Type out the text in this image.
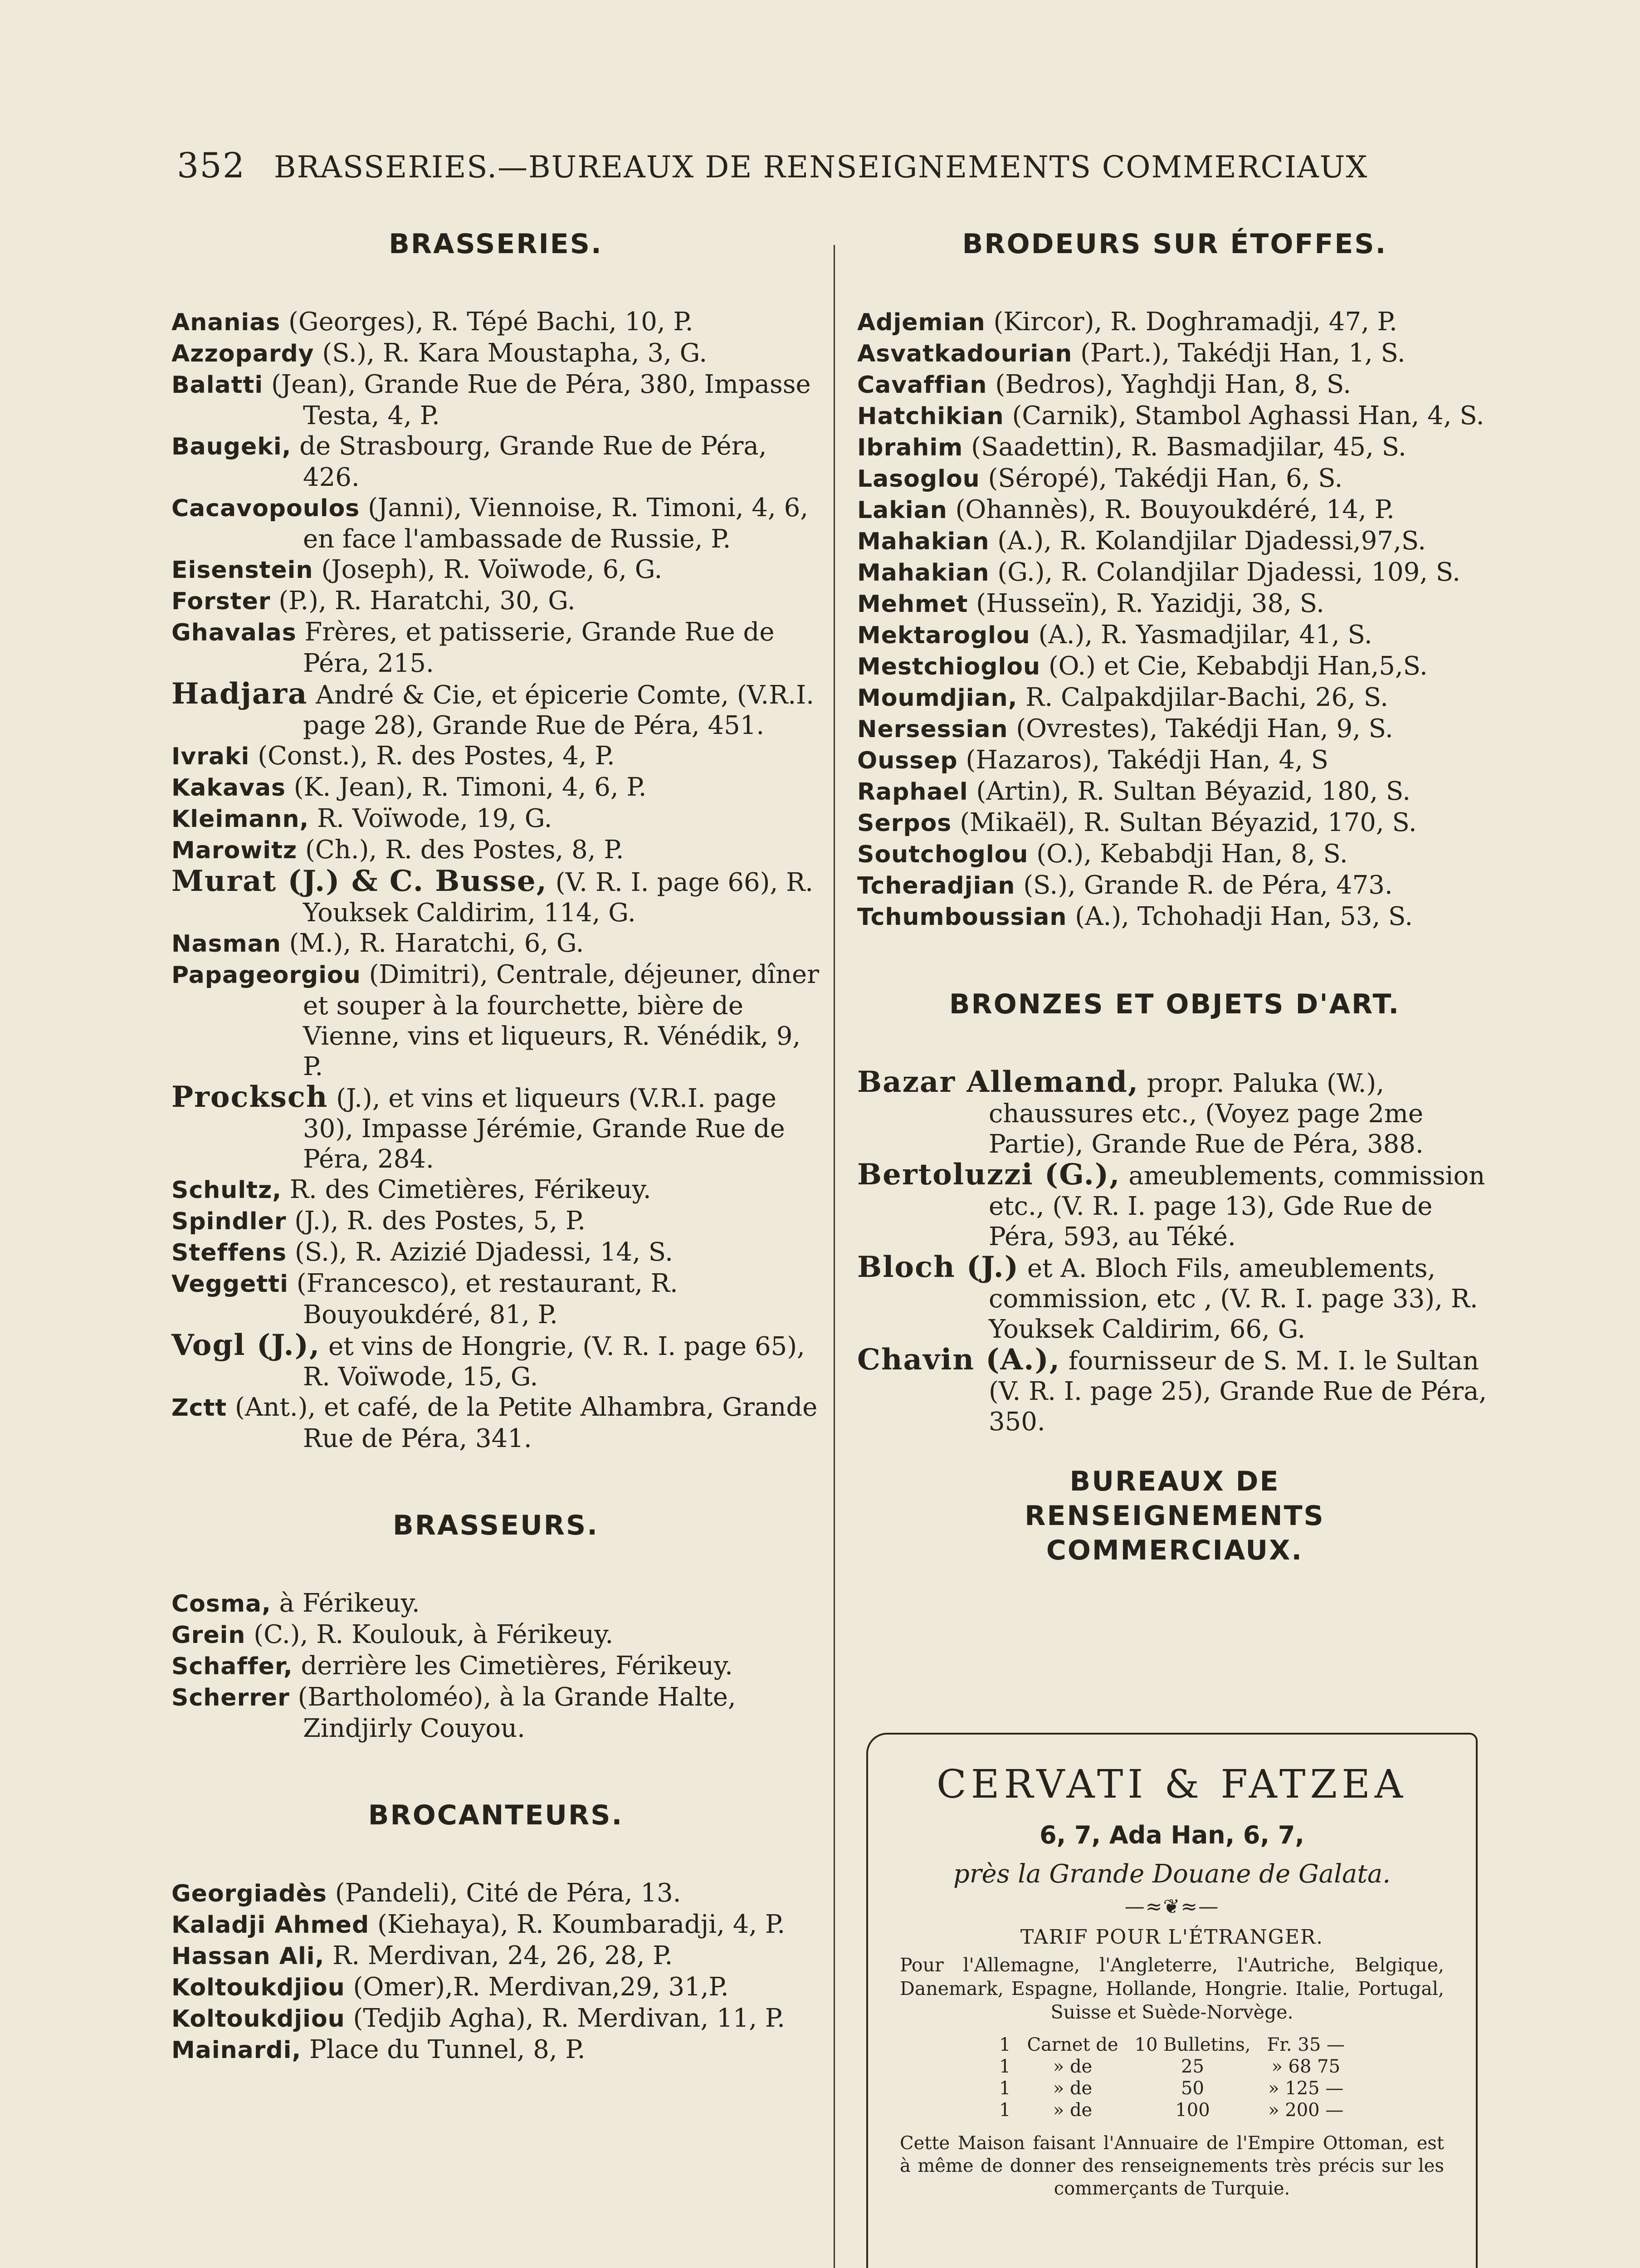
352 BRASSERIES.—BUREAUX DE RENSEIGNEMENTS COMMERCIAUX
BRASSERIES.
Ananias (Georges), R. Tépé Bachi, 10, P.
Azzopardy (S.), R. Kara Moustapha, 3, G.
Balatti (Jean), Grande Rue de Péra, 380, Impasse Testa, 4, P.
Baugeki, de Strasbourg, Grande Rue de Péra, 426.
Cacavopoulos (Janni), Viennoise, R. Timoni, 4, 6, en face l'ambassade de Russie, P.
Eisenstein (Joseph), R. Voïwode, 6, G.
Forster (P.), R. Haratchi, 30, G.
Ghavalas Frères, et patisserie, Grande Rue de Péra, 215.
Hadjara André & Cie, et épicerie Comte, (V.R.I. page 28), Grande Rue de Péra, 451.
Ivraki (Const.), R. des Postes, 4, P.
Kakavas (K. Jean), R. Timoni, 4, 6, P.
Kleimann, R. Voïwode, 19, G.
Marowitz (Ch.), R. des Postes, 8, P.
Murat (J.) & C. Busse, (V. R. I. page 66), R. Youksek Caldirim, 114, G.
Nasman (M.), R. Haratchi, 6, G.
Papageorgiou (Dimitri), Centrale, déjeuner, dîner et souper à la fourchette, bière de Vienne, vins et liqueurs, R. Vénédik, 9, P.
Procksch (J.), et vins et liqueurs (V.R.I. page 30), Impasse Jérémie, Grande Rue de Péra, 284.
Schultz, R. des Cimetières, Férikeuy.
Spindler (J.), R. des Postes, 5, P.
Steffens (S.), R. Azizié Djadessi, 14, S.
Veggetti (Francesco), et restaurant, R. Bouyoukdéré, 81, P.
Vogl (J.), et vins de Hongrie, (V. R. I. page 65), R. Voïwode, 15, G.
Zctt (Ant.), et café, de la Petite Alhambra, Grande Rue de Péra, 341.
BRASSEURS.
Cosma, à Férikeuy.
Grein (C.), R. Koulouk, à Férikeuy.
Schaffer, derrière les Cimetières, Férikeuy.
Scherrer (Bartholoméo), à la Grande Halte, Zindjirly Couyou.
BROCANTEURS.
Georgiadès (Pandeli), Cité de Péra, 13.
Kaladji Ahmed (Kiehaya), R. Koumbaradji, 4, P.
Hassan Ali, R. Merdivan, 24, 26, 28, P.
Koltoukdjiou (Omer),R. Merdivan,29, 31,P.
Koltoukdjiou (Tedjib Agha), R. Merdivan, 11, P.
Mainardi, Place du Tunnel, 8, P.
BRODEURS SUR ÉTOFFES.
Adjemian (Kircor), R. Doghramadji, 47, P.
Asvatkadourian (Part.), Takédji Han, 1, S.
Cavaffian (Bedros), Yaghdji Han, 8, S.
Hatchikian (Carnik), Stambol Aghassi Han, 4, S.
Ibrahim (Saadettin), R. Basmadjilar, 45, S.
Lasoglou (Séropé), Takédji Han, 6, S.
Lakian (Ohannès), R. Bouyoukdéré, 14, P.
Mahakian (A.), R. Kolandjilar Djadessi,97,S.
Mahakian (G.), R. Colandjilar Djadessi, 109, S.
Mehmet (Husseïn), R. Yazidji, 38, S.
Mektaroglou (A.), R. Yasmadjilar, 41, S.
Mestchioglou (O.) et Cie, Kebabdji Han,5,S.
Moumdjian, R. Calpakdjilar-Bachi, 26, S.
Nersessian (Ovrestes), Takédji Han, 9, S.
Oussep (Hazaros), Takédji Han, 4, S
Raphael (Artin), R. Sultan Béyazid, 180, S.
Serpos (Mikaël), R. Sultan Béyazid, 170, S.
Soutchoglou (O.), Kebabdji Han, 8, S.
Tcheradjian (S.), Grande R. de Péra, 473.
Tchumboussian (A.), Tchohadji Han, 53, S.
BRONZES ET OBJETS D'ART.
Bazar Allemand, propr. Paluka (W.), chaussures etc., (Voyez page 2me Partie), Grande Rue de Péra, 388.
Bertoluzzi (G.), ameublements, commission etc., (V. R. I. page 13), Gde Rue de Péra, 593, au Téké.
Bloch (J.) et A. Bloch Fils, ameublements, commission, etc , (V. R. I. page 33), R. Youksek Caldirim, 66, G.
Chavin (A.), fournisseur de S. M. I. le Sultan (V. R. I. page 25), Grande Rue de Péra, 350.
BUREAUX DE RENSEIGNEMENTS COMMERCIAUX.
CERVATI & FATZEA
6, 7, Ada Han, 6, 7,
près la Grande Douane de Galata.
—≈❦≈—
TARIF POUR L'ÉTRANGER.
Pour l'Allemagne, l'Angleterre, l'Autriche, Belgique, Danemark, Espagne, Hollande, Hongrie. Italie, Portugal, Suisse et Suède-Norvège.
1	Carnet de	10 Bulletins,	Fr. 35 —
1	» de	25	» 68 75
1	» de	50	» 125 —
1	» de	100	» 200 —
Cette Maison faisant l'Annuaire de l'Empire Ottoman, est à même de donner des renseignements très précis sur les commerçants de Turquie.
